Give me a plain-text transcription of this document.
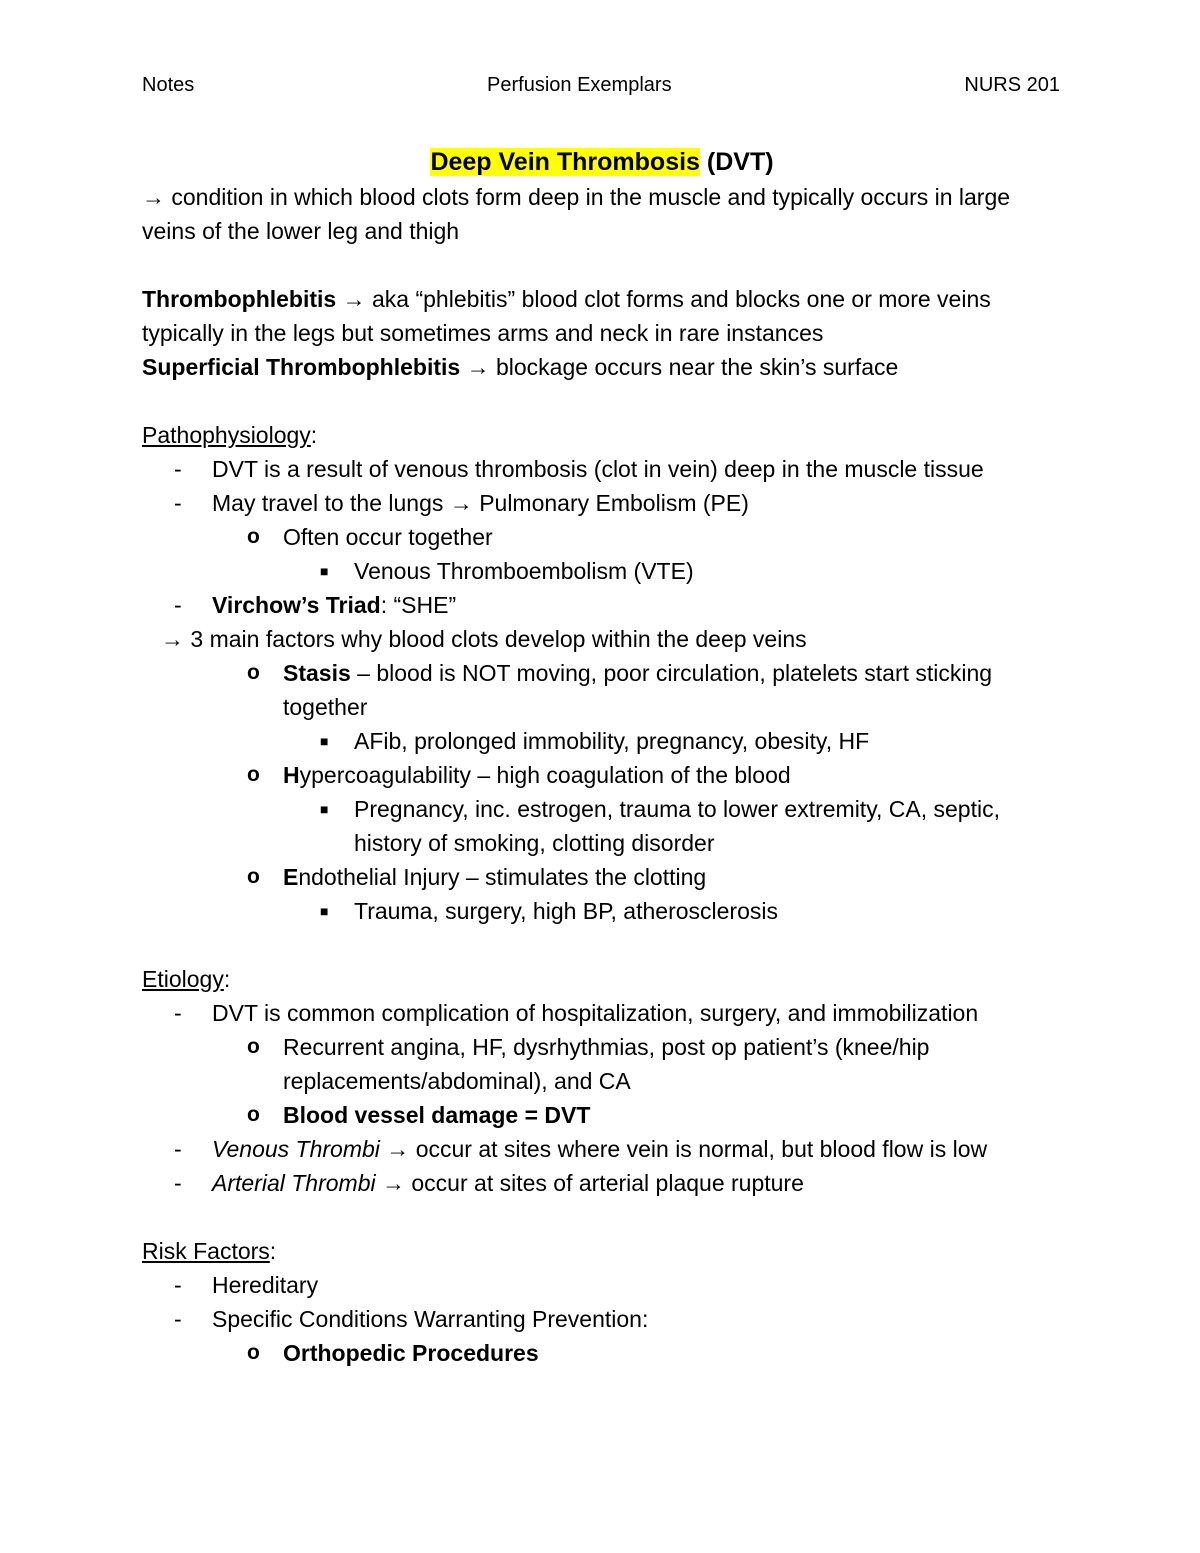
Notes	Perfusion Exemplars	NURS 201

Deep Vein Thrombosis (DVT)

→ condition in which blood clots form deep in the muscle and typically occurs in large veins of the lower leg and thigh

Thrombophlebitis → aka “phlebitis” blood clot forms and blocks one or more veins typically in the legs but sometimes arms and neck in rare instances

Superficial Thrombophlebitis → blockage occurs near the skin’s surface

Pathophysiology:

- DVT is a result of venous thrombosis (clot in vein) deep in the muscle tissue
- May travel to the lungs → Pulmonary Embolism (PE)
o Often occur together
■ Venous Thromboembolism (VTE)
- Virchow’s Triad: “SHE”
→ 3 main factors why blood clots develop within the deep veins
o Stasis – blood is NOT moving, poor circulation, platelets start sticking together
■ AFib, prolonged immobility, pregnancy, obesity, HF
o Hypercoagulability – high coagulation of the blood
■ Pregnancy, inc. estrogen, trauma to lower extremity, CA, septic, history of smoking, clotting disorder
o Endothelial Injury – stimulates the clotting
■ Trauma, surgery, high BP, atherosclerosis

Etiology:

- DVT is common complication of hospitalization, surgery, and immobilization
o Recurrent angina, HF, dysrhythmias, post op patient’s (knee/hip replacements/abdominal), and CA
o Blood vessel damage = DVT
- Venous Thrombi → occur at sites where vein is normal, but blood flow is low
- Arterial Thrombi → occur at sites of arterial plaque rupture

Risk Factors:

- Hereditary
- Specific Conditions Warranting Prevention:
o Orthopedic Procedures
